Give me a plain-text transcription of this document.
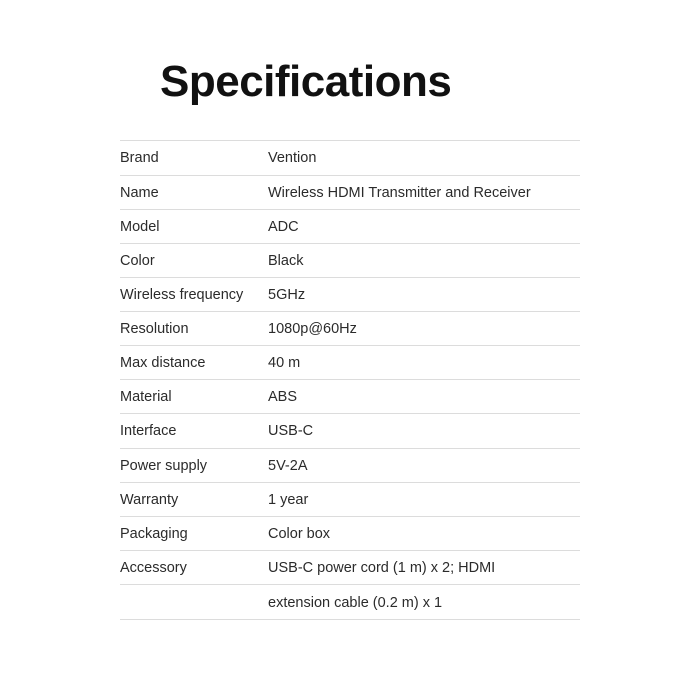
Specifications
Brand	Vention
Name	Wireless HDMI Transmitter and Receiver
Model	ADC
Color	Black
Wireless frequency	5GHz
Resolution	1080p@60Hz
Max distance	40 m
Material	ABS
Interface	USB-C
Power supply	5V-2A
Warranty	1 year
Packaging	Color box
Accessory	USB-C power cord (1 m) x 2; HDMI
	extension cable (0.2 m) x 1
